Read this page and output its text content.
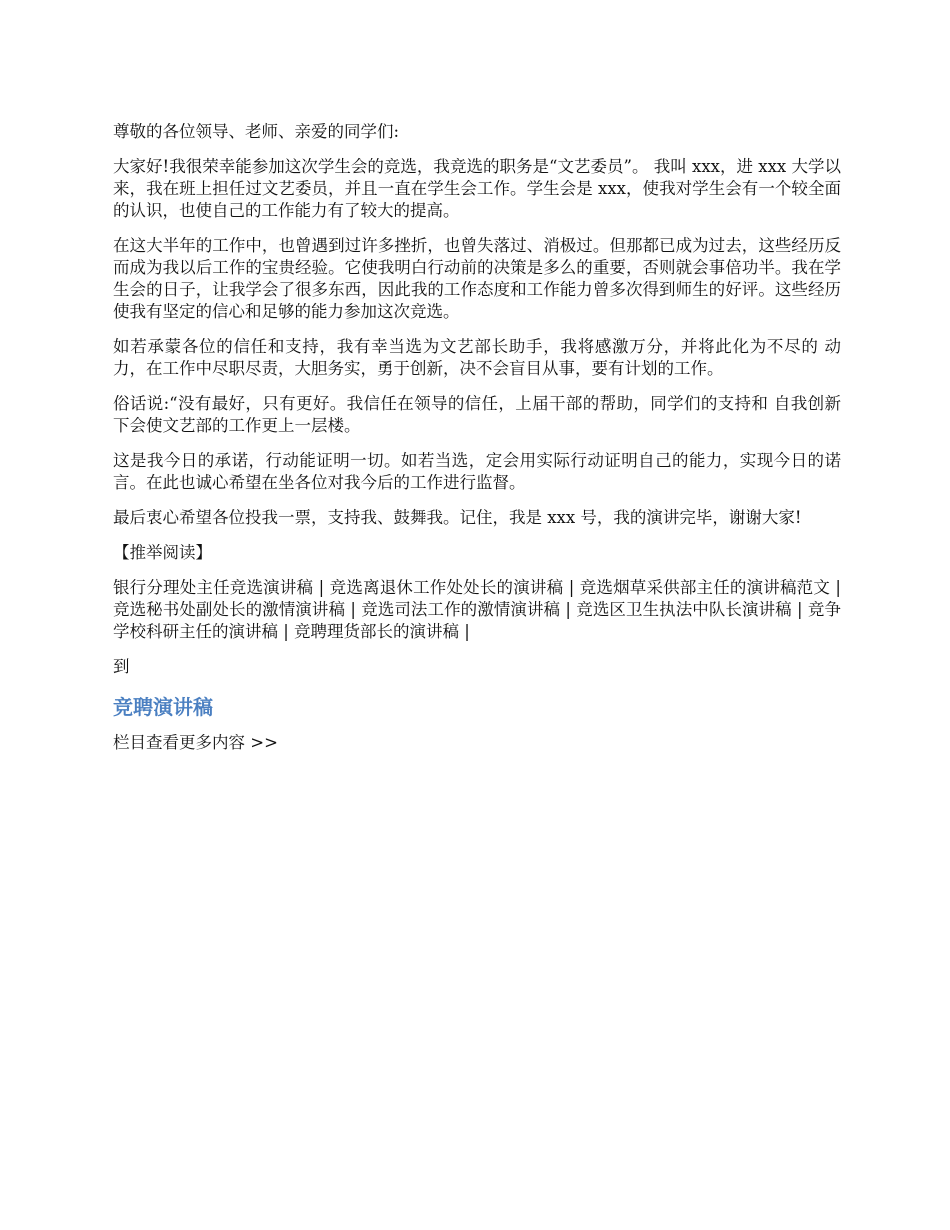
尊敬的各位领导、老师、亲爱的同学们:

大家好!我很荣幸能参加这次学生会的竞选，我竞选的职务是“文艺委员”。 我叫 xxx，进 xxx 大学以来，我在班上担任过文艺委员，并且一直在学生会工作。学生会是 xxx，使我对学生会有一个较全面的认识，也使自己的工作能力有了较大的提高。

在这大半年的工作中，也曾遇到过许多挫折，也曾失落过、消极过。但那都已成为过去，这些经历反而成为我以后工作的宝贵经验。它使我明白行动前的决策是多么的重要，否则就会事倍功半。我在学生会的日子，让我学会了很多东西，因此我的工作态度和工作能力曾多次得到师生的好评。这些经历使我有坚定的信心和足够的能力参加这次竞选。

如若承蒙各位的信任和支持，我有幸当选为文艺部长助手，我将感激万分，并将此化为不尽的 动力，在工作中尽职尽责，大胆务实，勇于创新，决不会盲目从事，要有计划的工作。

俗话说:“没有最好，只有更好。我信任在领导的信任，上届干部的帮助，同学们的支持和 自我创新下会使文艺部的工作更上一层楼。

这是我今日的承诺，行动能证明一切。如若当选，定会用实际行动证明自己的能力，实现今日的诺言。在此也诚心希望在坐各位对我今后的工作进行监督。

最后衷心希望各位投我一票，支持我、鼓舞我。记住，我是 xxx 号，我的演讲完毕，谢谢大家!

【推举阅读】

银行分理处主任竞选演讲稿 | 竞选离退休工作处处长的演讲稿 | 竞选烟草采供部主任的演讲稿范文 | 竞选秘书处副处长的激情演讲稿 | 竞选司法工作的激情演讲稿 | 竞选区卫生执法中队长演讲稿 | 竞争学校科研主任的演讲稿 | 竞聘理货部长的演讲稿 |

到

竞聘演讲稿

栏目查看更多内容 >>
